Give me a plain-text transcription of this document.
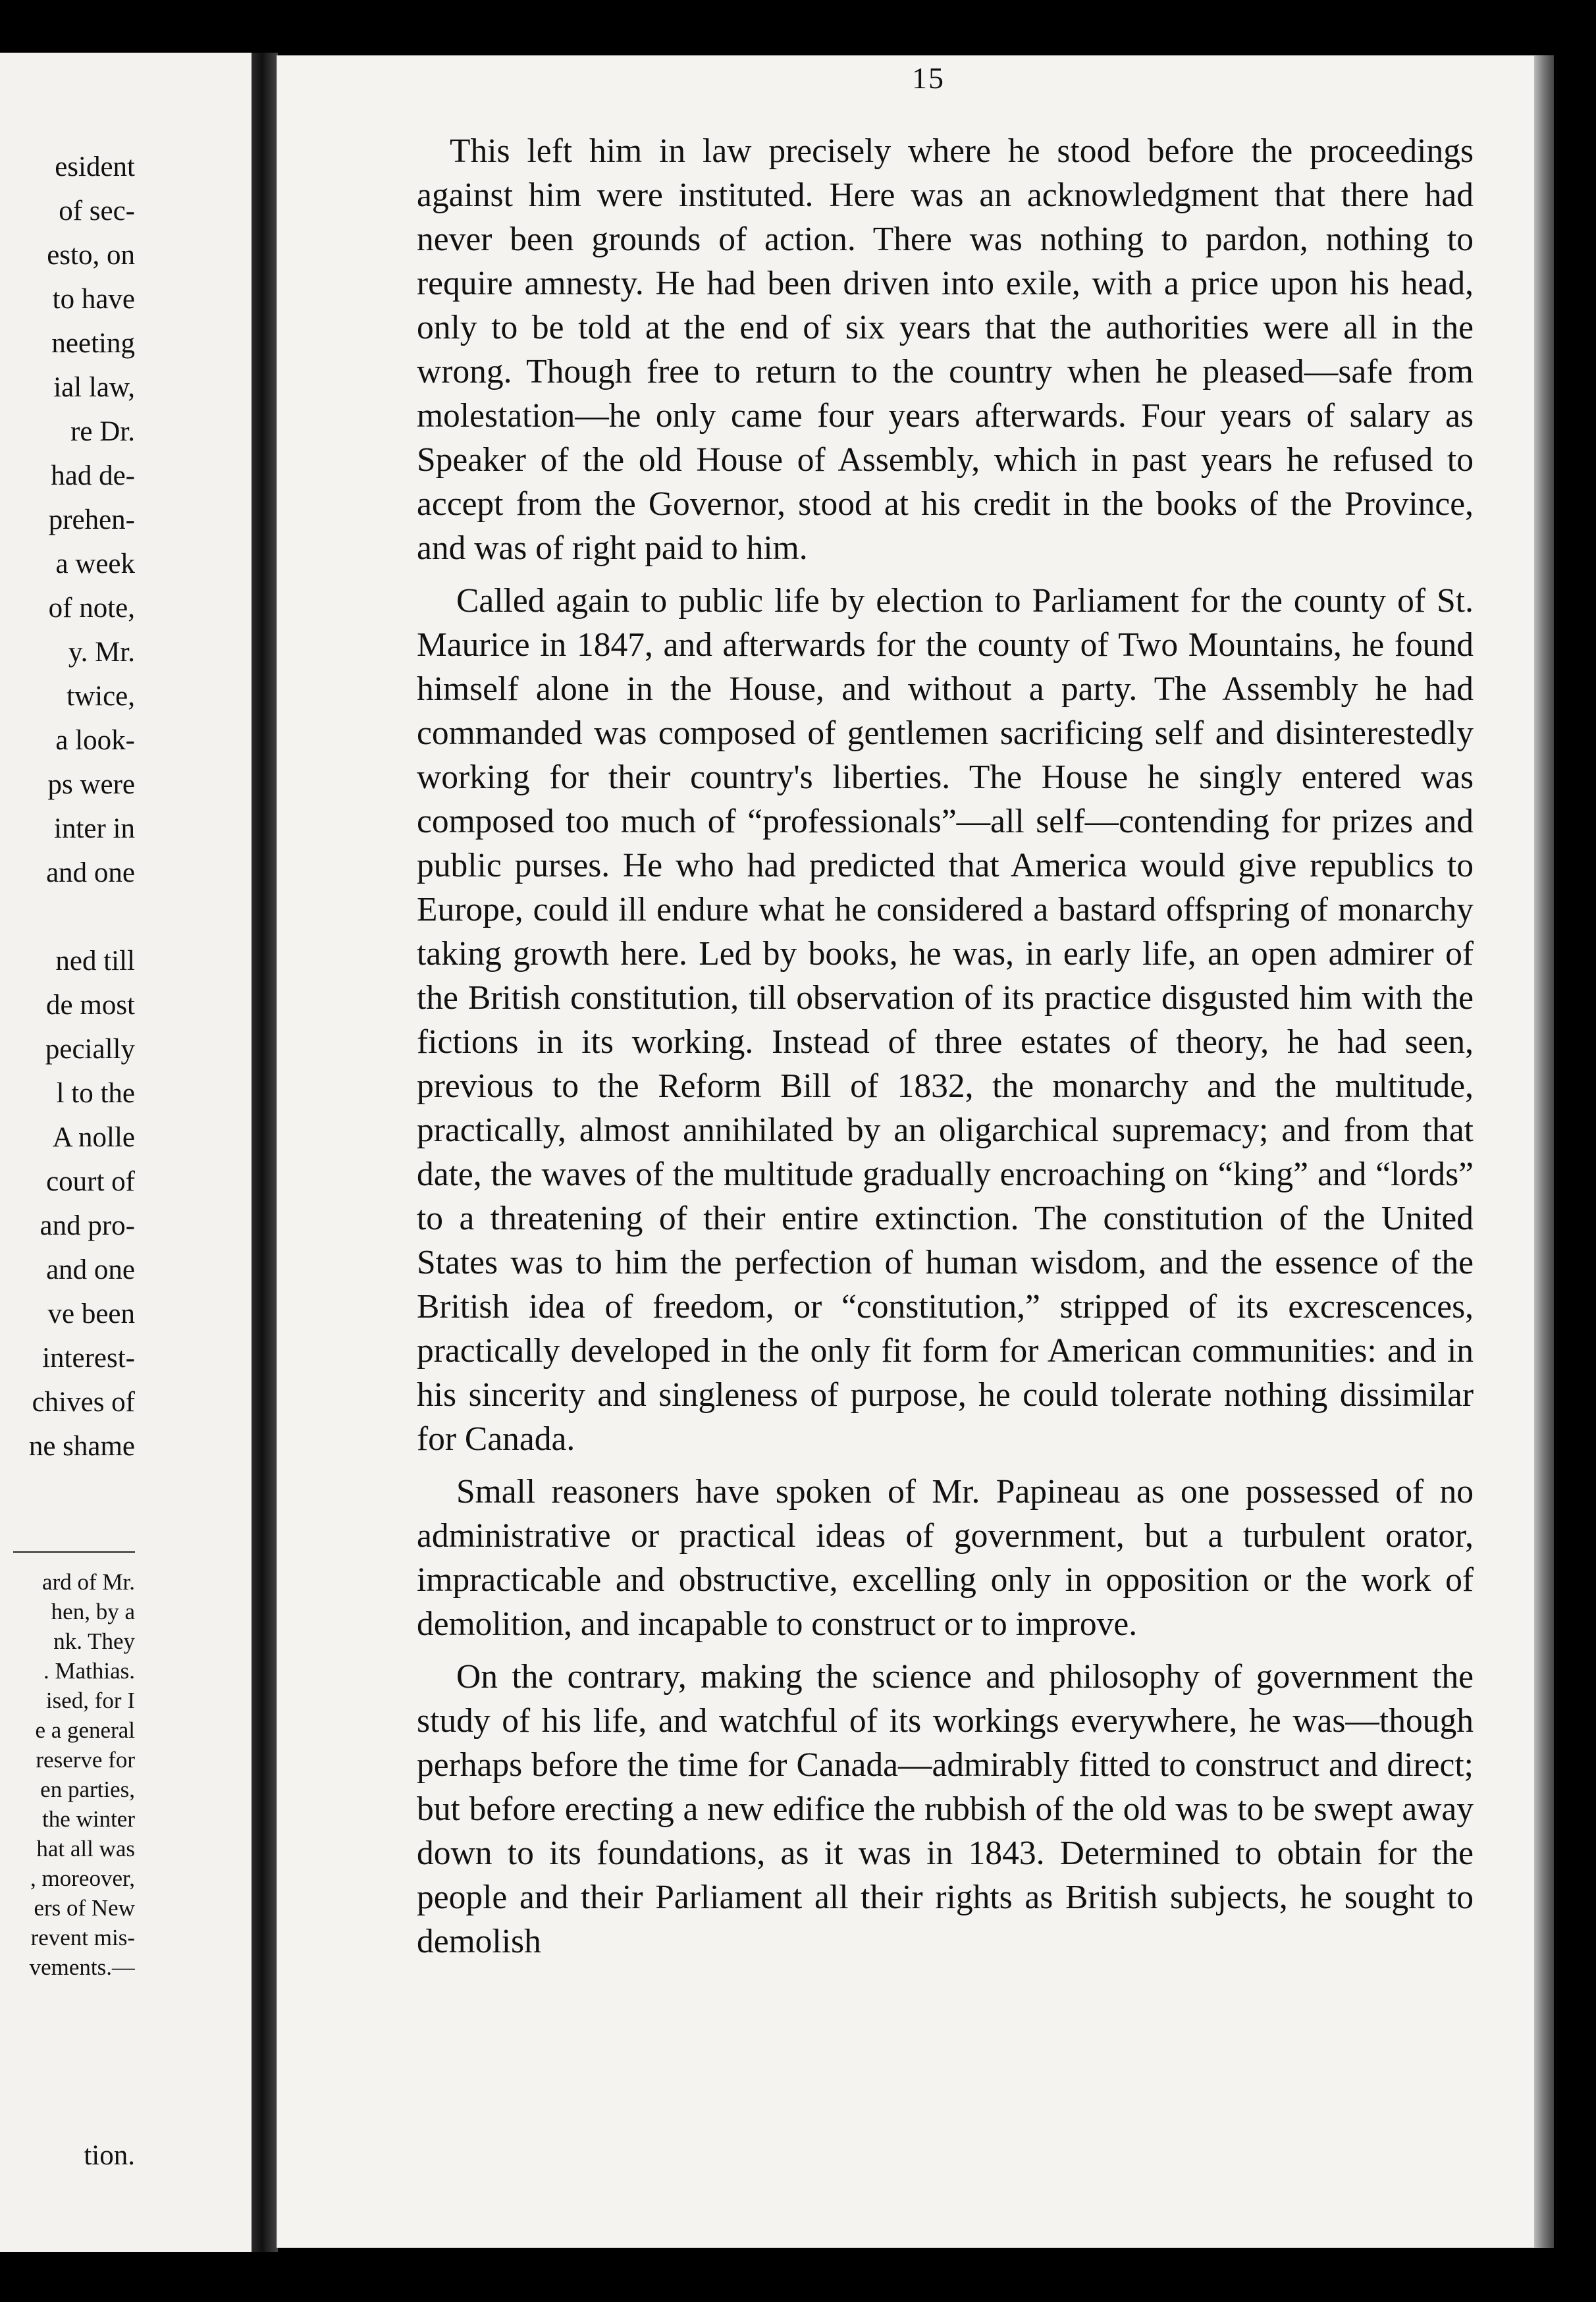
esident
of sec-
esto, on
to have
neeting
ial law,
re Dr.
had de-
prehen-
a week
of note,
y. Mr.
twice,
a look-
ps were
inter in
and one
ned till
de most
pecially
l to the
A nolle
court of
and pro-
and one
ve been
interest-
chives of
ne shame
ard of Mr.
hen, by a
nk. They
. Mathias.
ised, for I
e a general
reserve for
en parties,
the winter
hat all was
, moreover,
ers of New
revent mis-
vements.—
tion.
15

This left him in law precisely where he stood before the proceedings against him were instituted. Here was an acknowledgment that there had never been grounds of action. There was nothing to pardon, nothing to require amnesty. He had been driven into exile, with a price upon his head, only to be told at the end of six years that the authorities were all in the wrong. Though free to return to the country when he pleased—safe from molestation—he only came four years afterwards. Four years of salary as Speaker of the old House of Assembly, which in past years he refused to accept from the Governor, stood at his credit in the books of the Province, and was of right paid to him.

Called again to public life by election to Parliament for the county of St. Maurice in 1847, and afterwards for the county of Two Mountains, he found himself alone in the House, and without a party. The Assembly he had commanded was composed of gentlemen sacrificing self and disinterestedly working for their country's liberties. The House he singly entered was composed too much of “professionals”—all self—contending for prizes and public purses. He who had predicted that America would give republics to Europe, could ill endure what he considered a bastard offspring of monarchy taking growth here. Led by books, he was, in early life, an open admirer of the British constitution, till observation of its practice disgusted him with the fictions in its working. Instead of three estates of theory, he had seen, previous to the Reform Bill of 1832, the monarchy and the multitude, practically, almost annihilated by an oligarchical supremacy; and from that date, the waves of the multitude gradually encroaching on “king” and “lords” to a threatening of their entire extinction. The constitution of the United States was to him the perfection of human wisdom, and the essence of the British idea of freedom, or “constitution,” stripped of its excrescences, practically developed in the only fit form for American communities: and in his sincerity and singleness of purpose, he could tolerate nothing dissimilar for Canada.

Small reasoners have spoken of Mr. Papineau as one possessed of no administrative or practical ideas of government, but a turbulent orator, impracticable and obstructive, excelling only in opposition or the work of demolition, and incapable to construct or to improve.

On the contrary, making the science and philosophy of government the study of his life, and watchful of its workings everywhere, he was—though perhaps before the time for Canada—admirably fitted to construct and direct; but before erecting a new edifice the rubbish of the old was to be swept away down to its foundations, as it was in 1843. Determined to obtain for the people and their Parliament all their rights as British subjects, he sought to demolish
